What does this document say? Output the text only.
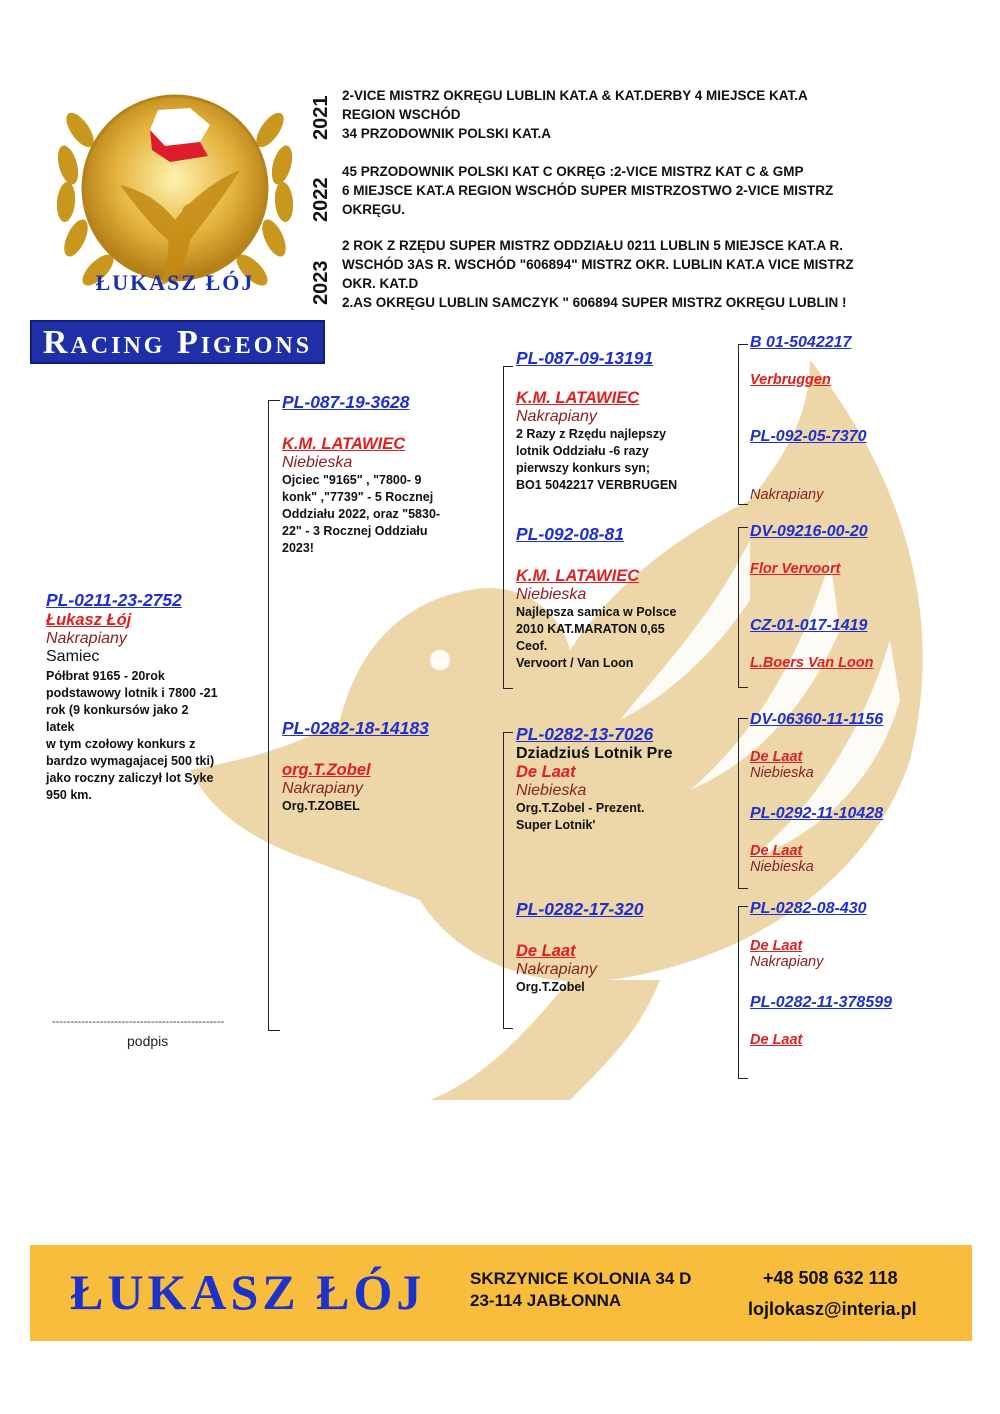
ŁUKASZ ŁÓJ
Racing Pigeons
2021 2-VICE MISTRZ OKRĘGU LUBLIN KAT.A & KAT.DERBY 4 MIEJSCE KAT.A
REGION WSCHÓD
34 PRZODOWNIK POLSKI KAT.A
2022
45 PRZODOWNIK POLSKI KAT C OKRĘG :2-VICE MISTRZ KAT C & GMP
6 MIEJSCE KAT.A REGION WSCHÓD SUPER MISTRZOSTWO 2-VICE MISTRZ
OKRĘGU.
2023
2 ROK Z RZĘDU SUPER MISTRZ ODDZIAŁU 0211 LUBLIN 5 MIEJSCE KAT.A R.
WSCHÓD 3AS R. WSCHÓD "606894" MISTRZ OKR. LUBLIN KAT.A VICE MISTRZ
OKR. KAT.D
2.AS OKRĘGU LUBLIN SAMCZYK " 606894 SUPER MISTRZ OKRĘGU LUBLIN !
PL-0211-23-2752
Łukasz Łój
Nakrapiany
Samiec
Półbrat 9165 - 20rok
podstawowy lotnik i 7800 -21
rok (9 konkursów jako 2
latek
w tym czołowy konkurs z
bardzo wymagajacej 500 tki)
jako roczny zaliczył lot Syke
950 km.
-----------------------------------------------
podpis
PL-087-19-3628
K.M. LATAWIEC
Niebieska
Ojciec "9165" , "7800- 9
konk" ,"7739" - 5 Rocznej
Oddziału 2022, oraz "5830-
22" - 3 Rocznej Oddziału
2023!
PL-0282-18-14183
org.T.Zobel
Nakrapiany
Org.T.ZOBEL
PL-087-09-13191
K.M. LATAWIEC
Nakrapiany
2 Razy z Rzędu najlepszy
lotnik Oddziału -6 razy
pierwszy konkurs syn;
BO1 5042217 VERBRUGEN
PL-092-08-81
K.M. LATAWIEC
Niebieska
Najlepsza samica w Polsce
2010 KAT.MARATON 0,65
Ceof.
Vervoort / Van Loon
PL-0282-13-7026
Dziadziuś Lotnik Pre
De Laat
Niebieska
Org.T.Zobel - Prezent.
Super Lotnik'
PL-0282-17-320
De Laat
Nakrapiany
Org.T.Zobel
B 01-5042217
Verbruggen
PL-092-05-7370
Nakrapiany
DV-09216-00-20
Flor Vervoort
CZ-01-017-1419
L.Boers Van Loon
DV-06360-11-1156
De Laat
Niebieska
PL-0292-11-10428
De Laat
Niebieska
PL-0282-08-430
De Laat
Nakrapiany
PL-0282-11-378599
De Laat
ŁUKASZ ŁÓJ	SKRZYNICE KOLONIA 34 D
23-114 JABŁONNA
+48 508 632 118
lojlokasz@interia.pl
